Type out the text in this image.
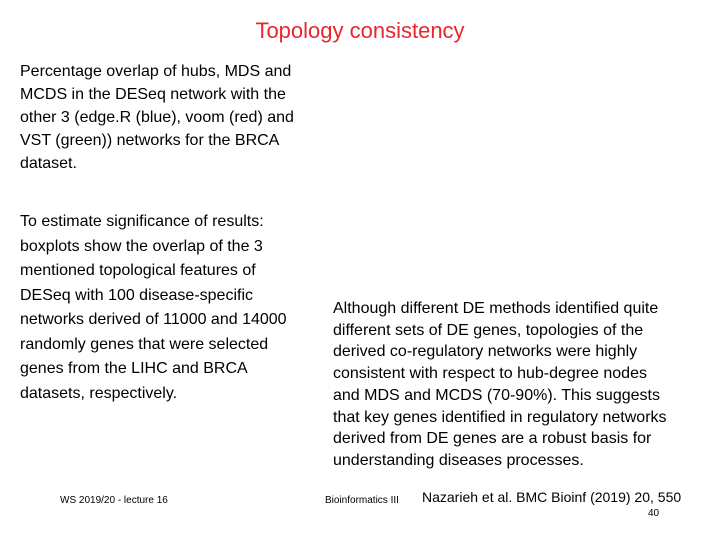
Topology consistency
Percentage overlap of hubs, MDS and
MCDS in the DESeq network with the
other 3 (edge.R (blue), voom (red) and
VST (green)) networks for the BRCA
dataset.
To estimate significance of results:
boxplots show the overlap of the 3
mentioned topological features of
DESeq with 100 disease-specific
networks derived of 11000 and 14000
randomly genes that were selected
genes from the LIHC and BRCA
datasets, respectively.
Although different DE methods identified quite
different sets of DE genes, topologies of the
derived co-regulatory networks were highly
consistent with respect to hub-degree nodes
and MDS and MCDS (70-90%). This suggests
that key genes identified in regulatory networks
derived from DE genes are a robust basis for
understanding diseases processes.
WS 2019/20 - lecture 16	Bioinformatics III Nazarieh et al. BMC Bioinf (2019) 20, 550
40
